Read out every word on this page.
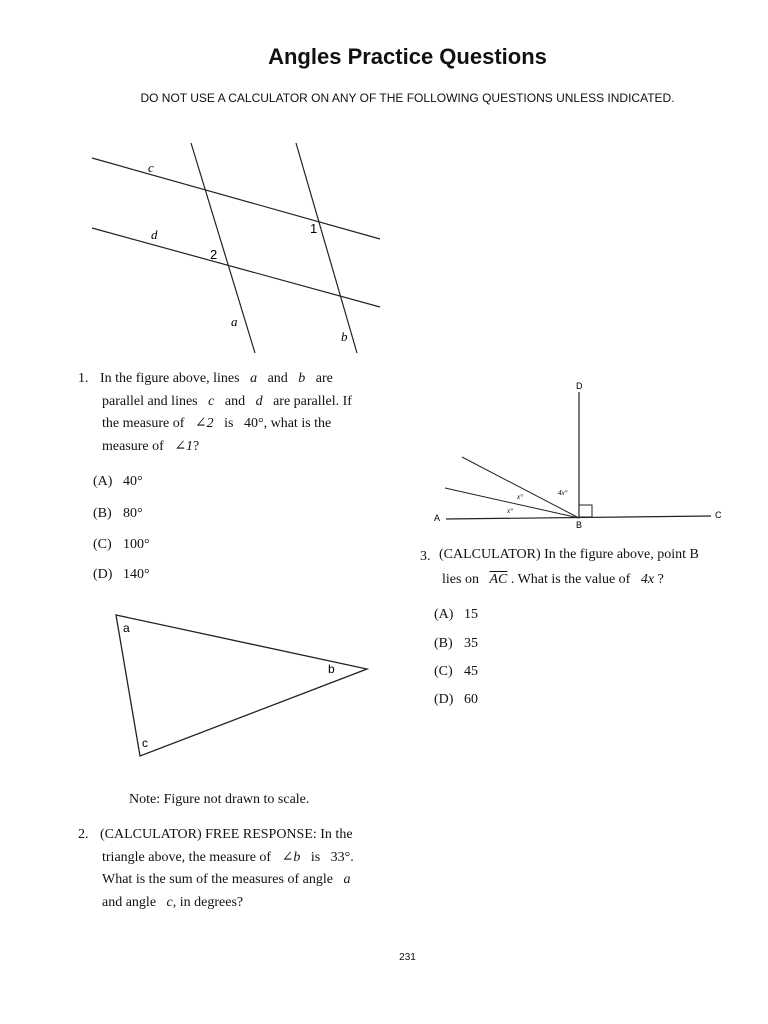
Angles Practice Questions
DO NOT USE A CALCULATOR ON ANY OF THE FOLLOWING QUESTIONS UNLESS INDICATED.
c
d
a
b
1
2
1. In the figure above, lines a and b are
parallel and lines c and d are parallel. If
the measure of ∠2 is 40°, what is the
measure of ∠1?
(A) 40°
(B) 80°
(C) 100°
(D) 140°
a
b
c
Note: Figure not drawn to scale.
2. (CALCULATOR) FREE RESPONSE: In the
triangle above, the measure of ∠b is 33°.
What is the sum of the measures of angle a
and angle c, in degrees?
A
B
C
D
x°
x°
4x°
3. (CALCULATOR) In the figure above, point B
lies on $\overline{AC}$ . What is the value of 4x ?
(A) 15
(B) 35
(C) 45
(D) 60
231
